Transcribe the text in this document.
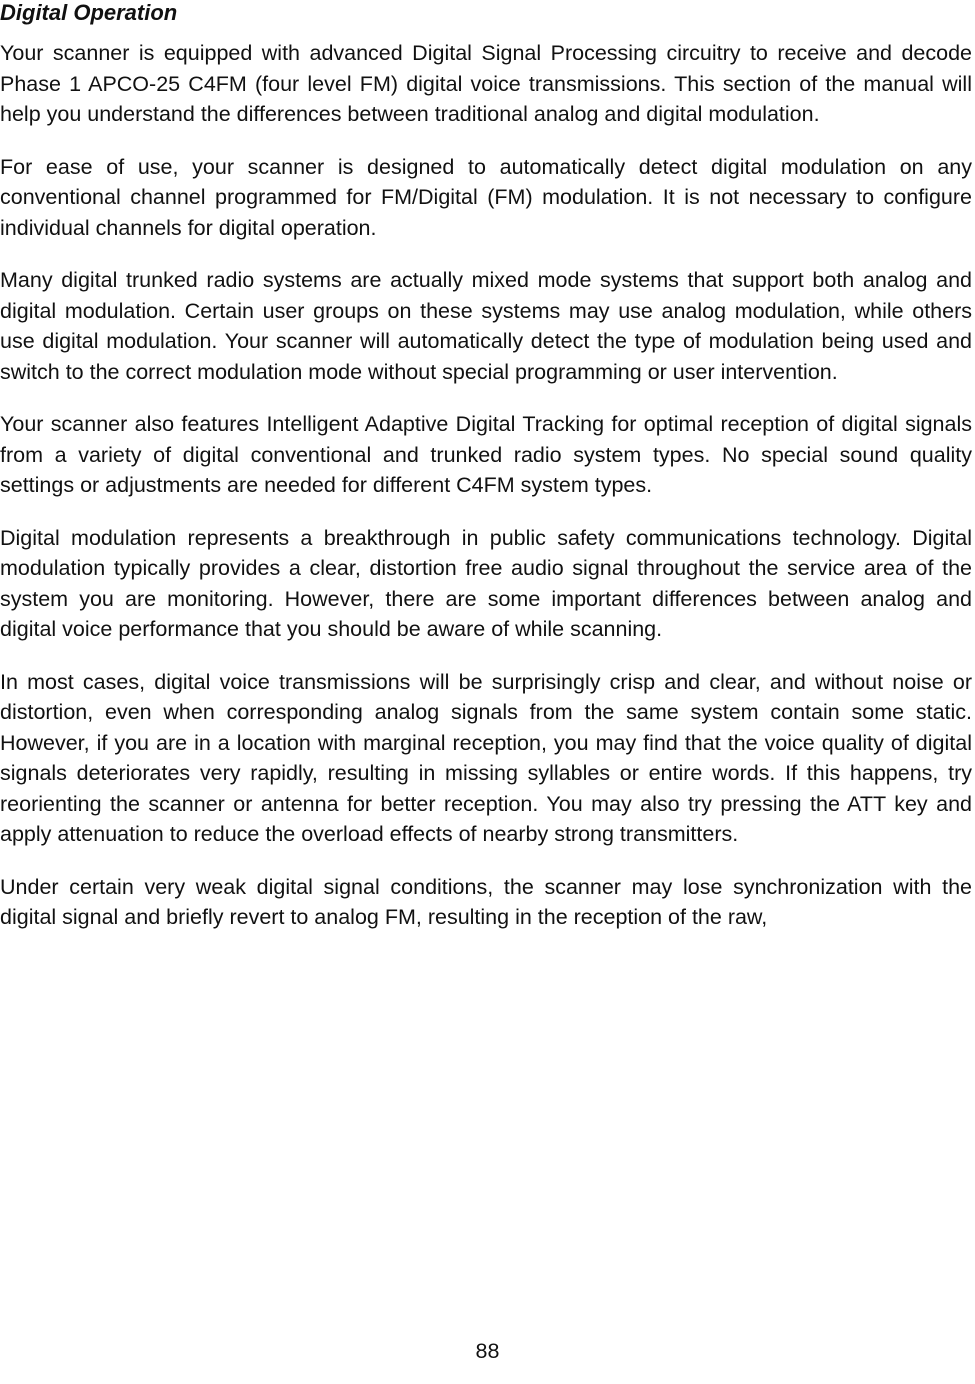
Digital Operation

Your scanner is equipped with advanced Digital Signal Processing circuitry to receive and decode Phase 1 APCO-25 C4FM (four level FM) digital voice transmissions. This section of the manual will help you understand the differences between traditional analog and digital modulation.

For ease of use, your scanner is designed to automatically detect digital modulation on any conventional channel programmed for FM/Digital (FM) modulation. It is not necessary to configure individual channels for digital operation.

Many digital trunked radio systems are actually mixed mode systems that support both analog and digital modulation. Certain user groups on these systems may use analog modulation, while others use digital modulation. Your scanner will automatically detect the type of modulation being used and switch to the correct modulation mode without special programming or user intervention.

Your scanner also features Intelligent Adaptive Digital Tracking for optimal reception of digital signals from a variety of digital conventional and trunked radio system types. No special sound quality settings or adjustments are needed for different C4FM system types.

Digital modulation represents a breakthrough in public safety communications technology. Digital modulation typically provides a clear, distortion free audio signal throughout the service area of the system you are monitoring. However, there are some important differences between analog and digital voice performance that you should be aware of while scanning.

In most cases, digital voice transmissions will be surprisingly crisp and clear, and without noise or distortion, even when corresponding analog signals from the same system contain some static. However, if you are in a location with marginal reception, you may find that the voice quality of digital signals deteriorates very rapidly, resulting in missing syllables or entire words. If this happens, try reorienting the scanner or antenna for better reception. You may also try pressing the ATT key and apply attenuation to reduce the overload effects of nearby strong transmitters.

Under certain very weak digital signal conditions, the scanner may lose synchronization with the digital signal and briefly revert to analog FM, resulting in the reception of the raw,

88
